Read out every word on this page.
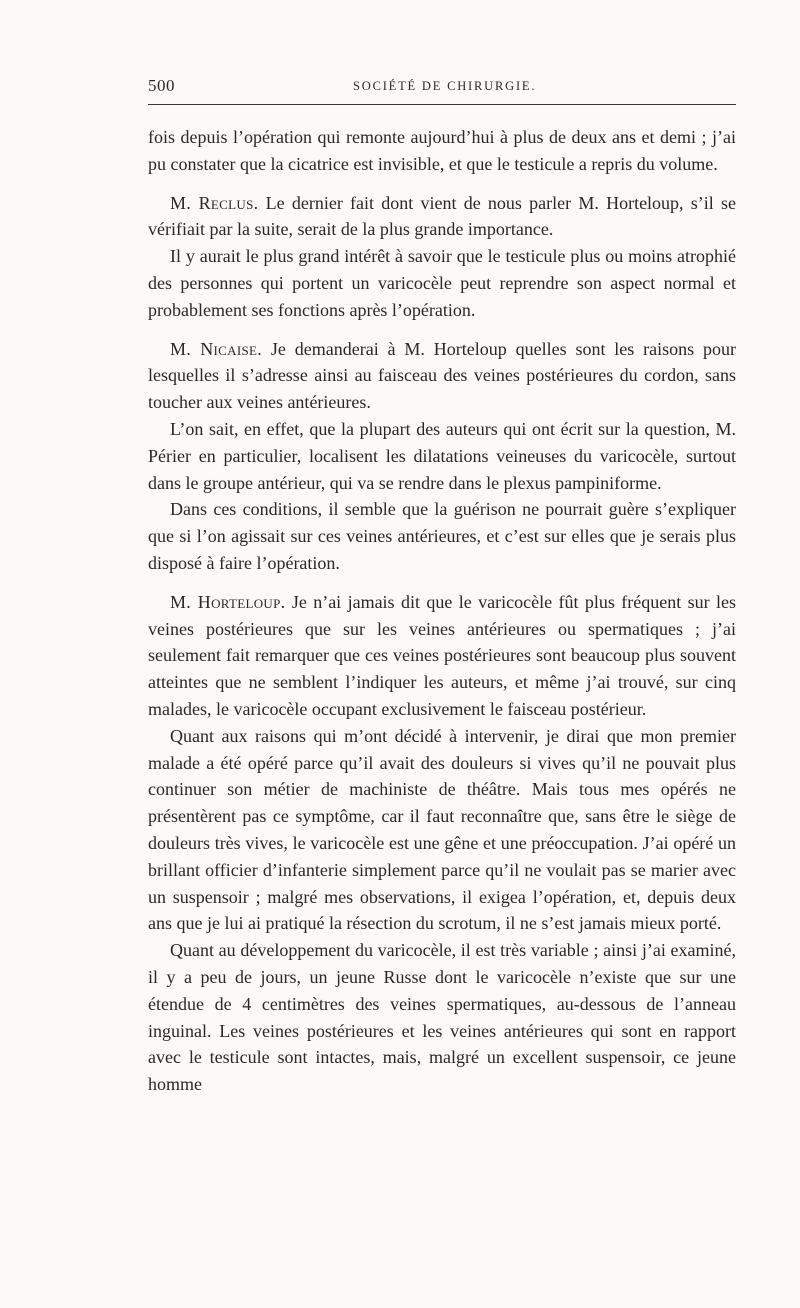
500	SOCIÉTÉ DE CHIRURGIE.

fois depuis l’opération qui remonte aujourd’hui à plus de deux ans et demi ; j’ai pu constater que la cicatrice est invisible, et que le testicule a repris du volume.

M. Reclus. Le dernier fait dont vient de nous parler M. Horteloup, s’il se vérifiait par la suite, serait de la plus grande importance.

Il y aurait le plus grand intérêt à savoir que le testicule plus ou moins atrophié des personnes qui portent un varicocèle peut reprendre son aspect normal et probablement ses fonctions après l’opération.

M. Nicaise. Je demanderai à M. Horteloup quelles sont les raisons pour lesquelles il s’adresse ainsi au faisceau des veines postérieures du cordon, sans toucher aux veines antérieures.

L’on sait, en effet, que la plupart des auteurs qui ont écrit sur la question, M. Périer en particulier, localisent les dilatations veineuses du varicocèle, surtout dans le groupe antérieur, qui va se rendre dans le plexus pampiniforme.

Dans ces conditions, il semble que la guérison ne pourrait guère s’expliquer que si l’on agissait sur ces veines antérieures, et c’est sur elles que je serais plus disposé à faire l’opération.

M. Horteloup. Je n’ai jamais dit que le varicocèle fût plus fréquent sur les veines postérieures que sur les veines antérieures ou spermatiques ; j’ai seulement fait remarquer que ces veines postérieures sont beaucoup plus souvent atteintes que ne semblent l’indiquer les auteurs, et même j’ai trouvé, sur cinq malades, le varicocèle occupant exclusivement le faisceau postérieur.

Quant aux raisons qui m’ont décidé à intervenir, je dirai que mon premier malade a été opéré parce qu’il avait des douleurs si vives qu’il ne pouvait plus continuer son métier de machiniste de théâtre. Mais tous mes opérés ne présentèrent pas ce symptôme, car il faut reconnaître que, sans être le siège de douleurs très vives, le varicocèle est une gêne et une préoccupation. J’ai opéré un brillant officier d’infanterie simplement parce qu’il ne voulait pas se marier avec un suspensoir ; malgré mes observations, il exigea l’opération, et, depuis deux ans que je lui ai pratiqué la résection du scrotum, il ne s’est jamais mieux porté.

Quant au développement du varicocèle, il est très variable ; ainsi j’ai examiné, il y a peu de jours, un jeune Russe dont le varicocèle n’existe que sur une étendue de 4 centimètres des veines spermatiques, au-dessous de l’anneau inguinal. Les veines postérieures et les veines antérieures qui sont en rapport avec le testicule sont intactes, mais, malgré un excellent suspensoir, ce jeune homme
